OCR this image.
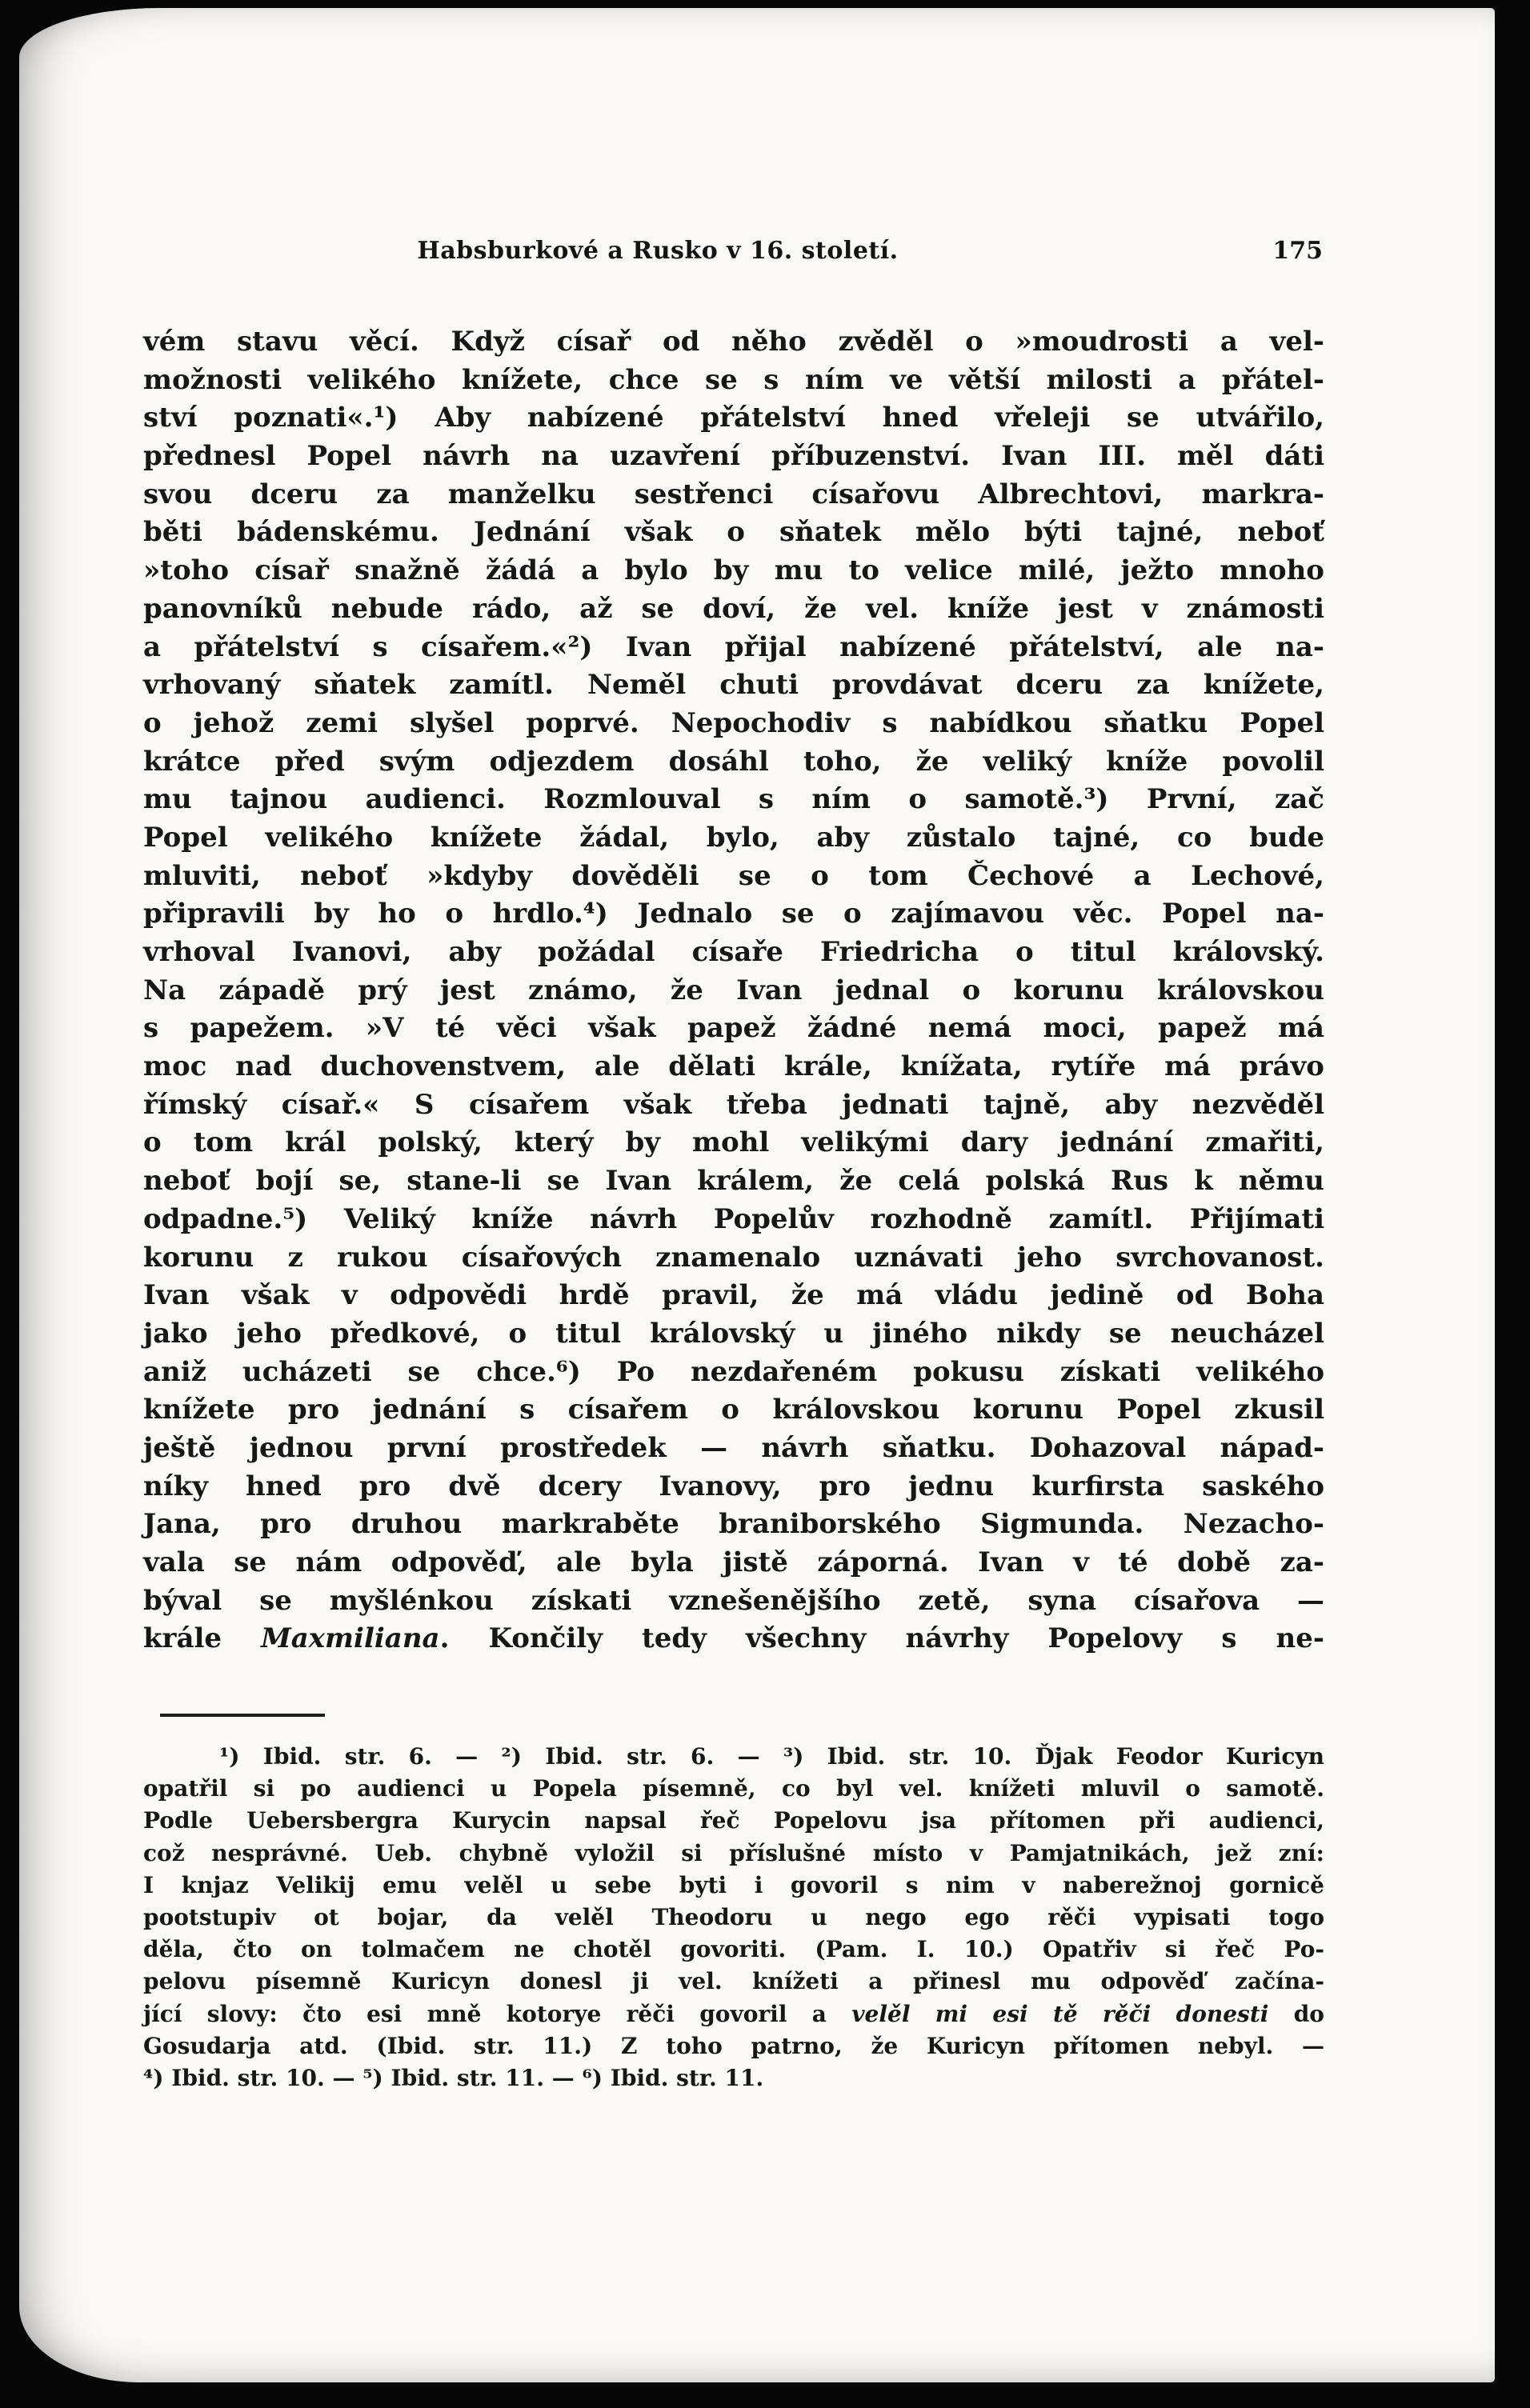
Habsburkové a Rusko v 16. století.	175
vém stavu věcí. Když císař od něho zvěděl o »moudrosti a vel-
možnosti velikého knížete, chce se s ním ve větší milosti a přátel-
ství poznati«.¹) Aby nabízené přátelství hned vřeleji se utvářilo,
přednesl Popel návrh na uzavření příbuzenství. Ivan III. měl dáti
svou dceru za manželku sestřenci císařovu Albrechtovi, markra-
běti bádenskému. Jednání však o sňatek mělo býti tajné, neboť
»toho císař snažně žádá a bylo by mu to velice milé, ježto mnoho
panovníků nebude rádo, až se doví, že vel. kníže jest v známosti
a přátelství s císařem.«²) Ivan přijal nabízené přátelství, ale na-
vrhovaný sňatek zamítl. Neměl chuti provdávat dceru za knížete,
o jehož zemi slyšel poprvé. Nepochodiv s nabídkou sňatku Popel
krátce před svým odjezdem dosáhl toho, že veliký kníže povolil
mu tajnou audienci. Rozmlouval s ním o samotě.³) První, zač
Popel velikého knížete žádal, bylo, aby zůstalo tajné, co bude
mluviti, neboť »kdyby dověděli se o tom Čechové a Lechové,
připravili by ho o hrdlo.⁴) Jednalo se o zajímavou věc. Popel na-
vrhoval Ivanovi, aby požádal císaře Friedricha o titul královský.
Na západě prý jest známo, že Ivan jednal o korunu královskou
s papežem. »V té věci však papež žádné nemá moci, papež má
moc nad duchovenstvem, ale dělati krále, knížata, rytíře má právo
římský císař.« S císařem však třeba jednati tajně, aby nezvěděl
o tom král polský, který by mohl velikými dary jednání zmařiti,
neboť bojí se, stane-li se Ivan králem, že celá polská Rus k němu
odpadne.⁵) Veliký kníže návrh Popelův rozhodně zamítl. Přijímati
korunu z rukou císařových znamenalo uznávati jeho svrchovanost.
Ivan však v odpovědi hrdě pravil, že má vládu jedině od Boha
jako jeho předkové, o titul královský u jiného nikdy se neucházel
aniž ucházeti se chce.⁶) Po nezdařeném pokusu získati velikého
knížete pro jednání s císařem o královskou korunu Popel zkusil
ještě jednou první prostředek — návrh sňatku. Dohazoval nápad-
níky hned pro dvě dcery Ivanovy, pro jednu kurfirsta saského
Jana, pro druhou markraběte braniborského Sigmunda. Nezacho-
vala se nám odpověď, ale byla jistě záporná. Ivan v té době za-
býval se myšlénkou získati vznešenějšího zetě, syna císařova —
krále Maxmiliana. Končily tedy všechny návrhy Popelovy s ne-
¹) Ibid. str. 6. — ²) Ibid. str. 6. — ³) Ibid. str. 10. Ďjak Feodor Kuricyn
opatřil si po audienci u Popela písemně, co byl vel. knížeti mluvil o samotě.
Podle Uebersbergra Kurycin napsal řeč Popelovu jsa přítomen při audienci,
což nesprávné. Ueb. chybně vyložil si příslušné místo v Pamjatnikách, jež zní:
I knjaz Velikij emu velěl u sebe byti i govoril s nim v naberežnoj gornicě
pootstupiv ot bojar, da velěl Theodoru u nego ego rěči vypisati togo
děla, čto on tolmačem ne chotěl govoriti. (Pam. I. 10.) Opatřiv si řeč Po-
pelovu písemně Kuricyn donesl ji vel. knížeti a přinesl mu odpověď začína-
jící slovy: čto esi mně kotorye rěči govoril a velěl mi esi tě rěči donesti do
Gosudarja atd. (Ibid. str. 11.) Z toho patrno, že Kuricyn přítomen nebyl. —
⁴) Ibid. str. 10. — ⁵) Ibid. str. 11. — ⁶) Ibid. str. 11.
